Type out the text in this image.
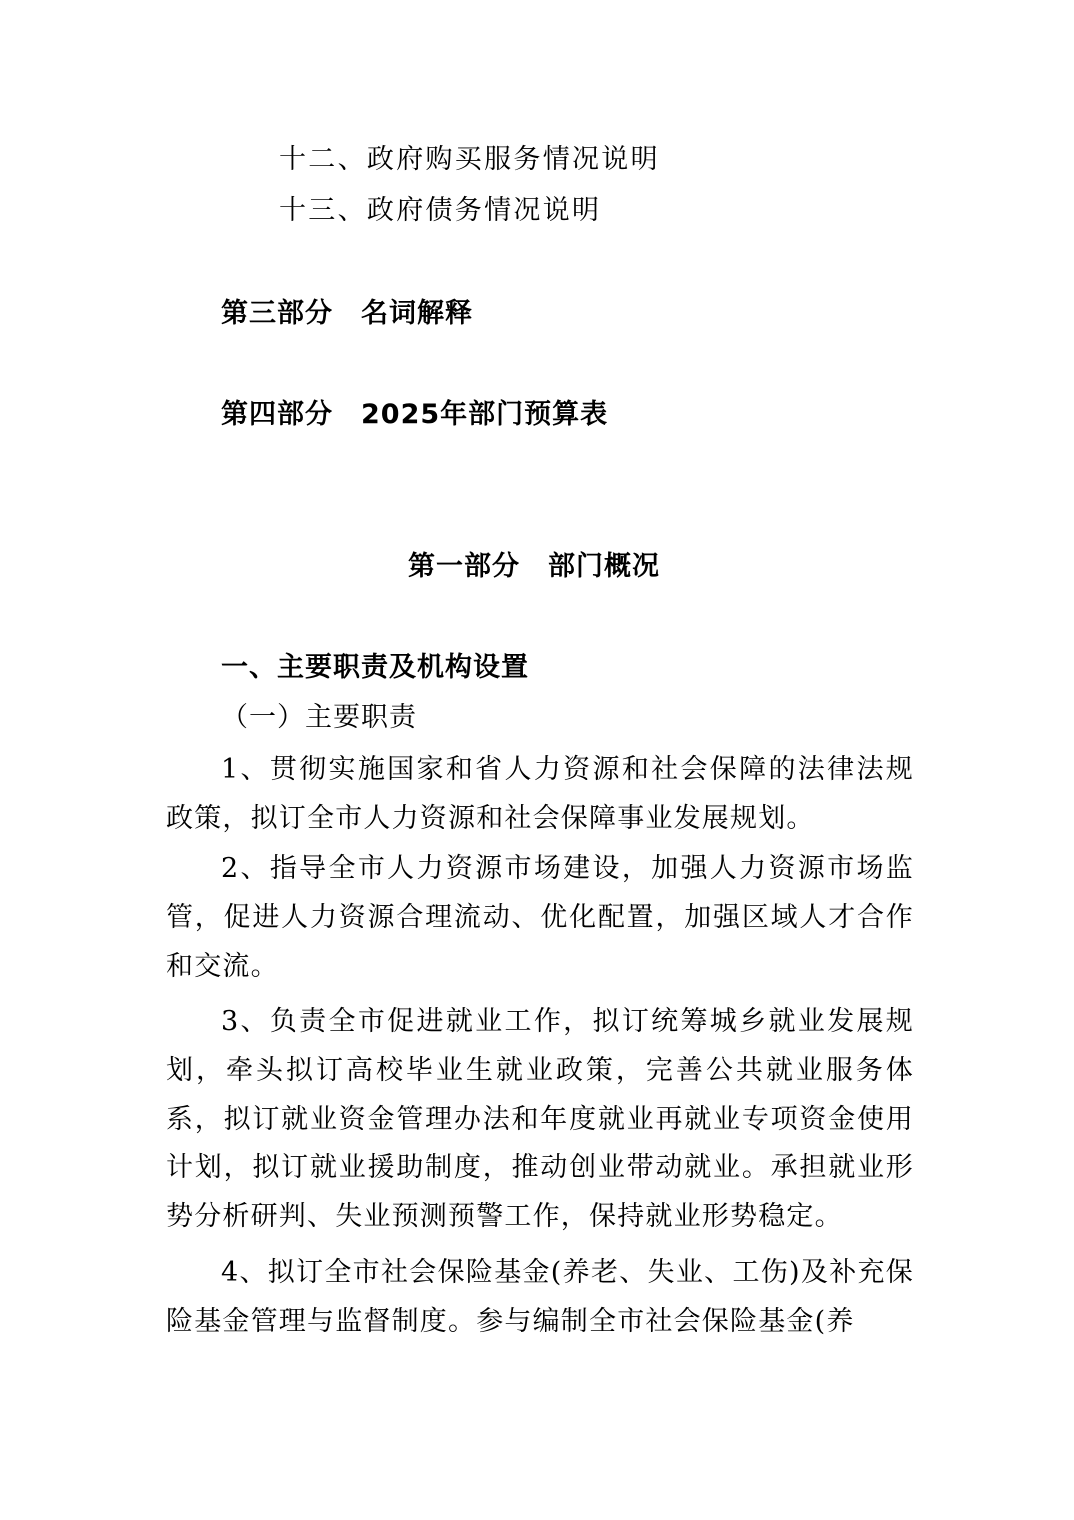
十二、政府购买服务情况说明
十三、政府债务情况说明
第三部分　名词解释
第四部分　2025年部门预算表
第一部分　部门概况
一、主要职责及机构设置
（一）主要职责

1、贯彻实施国家和省人力资源和社会保障的法律法规政策，拟订全市人力资源和社会保障事业发展规划。

2、指导全市人力资源市场建设，加强人力资源市场监管，促进人力资源合理流动、优化配置，加强区域人才合作和交流。

3、负责全市促进就业工作，拟订统筹城乡就业发展规划，牵头拟订高校毕业生就业政策，完善公共就业服务体系，拟订就业资金管理办法和年度就业再就业专项资金使用计划，拟订就业援助制度，推动创业带动就业。承担就业形势分析研判、失业预测预警工作，保持就业形势稳定。

4、拟订全市社会保险基金(养老、失业、工伤)及补充保险基金管理与监督制度。参与编制全市社会保险基金(养
